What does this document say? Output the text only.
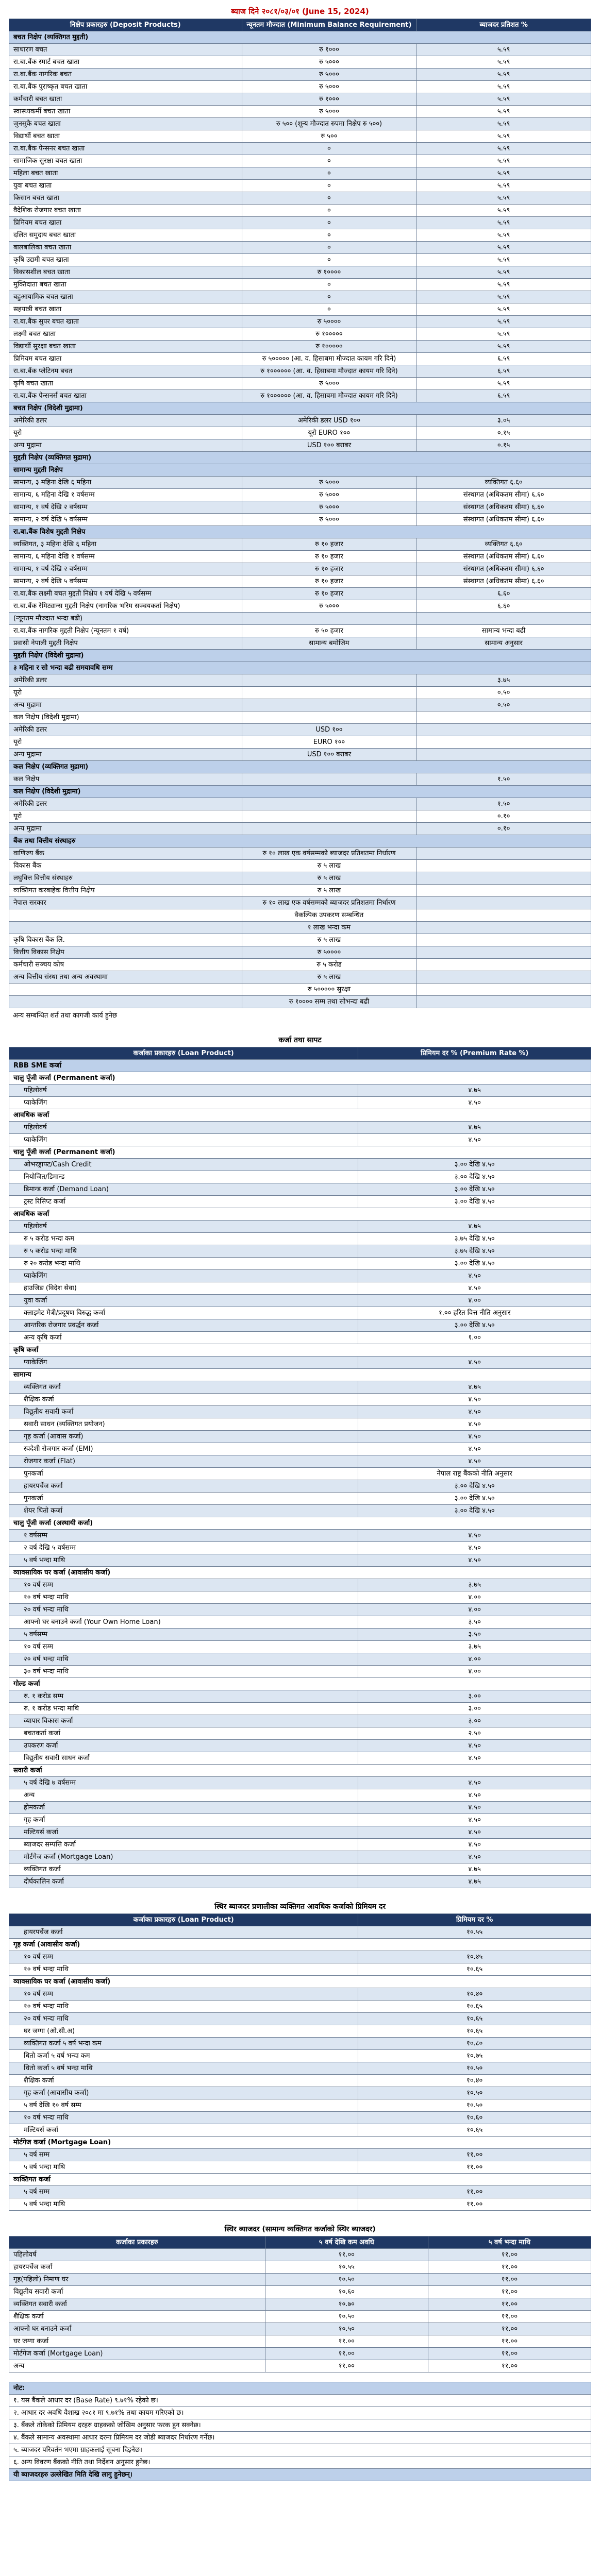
ब्याज दिने २०८१/०३/०१ (June 15, 2024)
निक्षेप प्रकारहरु (Deposit Products)	न्यूनतम मौज्दात (Minimum Balance Requirement)	ब्याजदर प्रतिशत %
बचत निक्षेप (व्यक्तिगत मुद्दती)		
साधारण बचत	रु १०००	५.५९
रा.बा.बैंक स्मार्ट बचत खाता	रु ५०००	५.५९
रा.बा.बैंक नागरिक बचत	रु ५०००	५.५९
रा.बा.बैंक पुराष्कृत बचत खाता	रु ५०००	५.५९
कर्मचारी बचत खाता	रु १०००	५.५९
स्वास्थ्यकर्मी बचत खाता	रु ५०००	५.५९
जुनसुकै बचत खाता	रु ५०० (शून्य मौज्दात रुपमा निक्षेप रु ५००)	५.५९
विद्यार्थी बचत खाता	रु ५००	५.५९
रा.बा.बैंक पेन्सनर बचत खाता	०	५.५९
सामाजिक सुरक्षा बचत खाता	०	५.५९
महिला बचत खाता	०	५.५९
युवा बचत खाता	०	५.५९
किसान बचत खाता	०	५.५९
वैदेशिक रोजगार बचत खाता	०	५.५९
प्रिमियम बचत खाता	०	५.५९
दलित समुदाय बचत खाता	०	५.५९
बालबालिका बचत खाता	०	५.५९
कृषि उद्यमी बचत खाता	०	५.५९
विकासशील बचत खाता	रु १००००	५.५९
मुक्तिदाता बचत खाता	०	५.५९
बहुआयामिक बचत खाता	०	५.५९
सहयात्री बचत खाता	०	५.५९
रा.बा.बैंक सुपर बचत खाता	रु ५००००	५.५९
लक्ष्मी बचत खाता	रु १०००००	५.५९
विद्यार्थी सुरक्षा बचत खाता	रु १०००००	५.५९
प्रिमियम बचत खाता	रु ५००००० (आ. व. हिसाबमा मौज्दात कायम गरि दिने)	६.५९
रा.बा.बैंक प्लेटिनम बचत	रु १०००००० (आ. व. हिसाबमा मौज्दात कायम गरि दिने)	६.५९
कृषि बचत खाता	रु ५०००	५.५९
रा.बा.बैंक पेन्सनर्स बचत खाता	रु १०००००० (आ. व. हिसाबमा मौज्दात कायम गरि दिने)	६.५९
बचत निक्षेप (विदेशी मुद्रामा)		
अमेरिकी डलर	अमेरिकी डलर USD १००	३.०५
यूरो	यूरो EURO १००	०.१५
अन्य मुद्रामा	USD १०० बराबर	०.१५
मुद्दती निक्षेप (व्यक्तिगत मुद्रामा)		
सामान्य मुद्दती निक्षेप		
सामान्य, ३ महिना देखि ६ महिना	रु ५०००	व्यक्तिगत ६.६०
सामान्य, ६ महिना देखि १ वर्षसम्म	रु ५०००	संस्थागत (अधिकतम सीमा) ६.६०
सामान्य, १ वर्ष देखि २ वर्षसम्म	रु ५०००	संस्थागत (अधिकतम सीमा) ६.६०
सामान्य, २ वर्ष देखि ५ वर्षसम्म	रु ५०००	संस्थागत (अधिकतम सीमा) ६.६०
रा.बा.बैंक विशेष मुद्दती निक्षेप		
व्यक्तिगत, ३ महिना देखि ६ महिना	रु १० हजार	व्यक्तिगत ६.६०
सामान्य, ६ महिना देखि १ वर्षसम्म	रु १० हजार	संस्थागत (अधिकतम सीमा) ६.६०
सामान्य, १ वर्ष देखि २ वर्षसम्म	रु १० हजार	संस्थागत (अधिकतम सीमा) ६.६०
सामान्य, २ वर्ष देखि ५ वर्षसम्म	रु १० हजार	संस्थागत (अधिकतम सीमा) ६.६०
रा.बा.बैंक लक्ष्मी बचत मुद्दती निक्षेप १ वर्ष देखि ५ वर्षसम्म	रु १० हजार	६.६०
रा.बा.बैंक रेमिट्यान्स मुद्दती निक्षेप (नागरिक भरिम सञ्चयकर्ता निक्षेप)	रु ५०००	६.६०
(न्यूनतम मौज्दात भन्दा बढी)		
रा.बा.बैंक नागरिक मुद्दती निक्षेप (न्यूनतम १ वर्ष)	रु ५० हजार	सामान्य भन्दा बढी
प्रवासी नेपाली मुद्दती निक्षेप	सामान्य बमोजिम	सामान्य अनुसार
मुद्दती निक्षेप (विदेशी मुद्रामा)		
३ महिना र सो भन्दा बढी समयावधि सम्म		
अमेरिकी डलर		३.७५
यूरो		०.५०
अन्य मुद्रामा		०.५०
कल निक्षेप (विदेशी मुद्रामा)		
अमेरिकी डलर	USD १००	
यूरो	EURO १००	
अन्य मुद्रामा	USD १०० बराबर	
कल निक्षेप (व्यक्तिगत मुद्रामा)		
कल निक्षेप		१.५०
कल निक्षेप (विदेशी मुद्रामा)		
अमेरिकी डलर		१.५०
यूरो		०.१०
अन्य मुद्रामा		०.१०
बैंक तथा वित्तीय संस्थाहरु		
वाणिज्य बैंक	रु १० लाख एक वर्षसम्मको ब्याजदर प्रतिशतमा निर्धारण	
विकास बैंक	रु ५ लाख	
लघुवित्त वित्तीय संस्थाहरु	रु ५ लाख	
व्यक्तिगत करबाहेक वित्तीय निक्षेप	रु ५ लाख	
नेपाल सरकार	रु १० लाख एक वर्षसम्मको ब्याजदर प्रतिशतमा निर्धारण	
	वैकल्पिक उपकरण सम्बन्धित	
	१ लाख भन्दा कम	
कृषि विकास बैंक लि.	रु ५ लाख	
वित्तीय विकास निक्षेप	रु ५००००	
कर्मचारी सञ्चय कोष	रु ५ करोड	
अन्य वित्तीय संस्था तथा अन्य अवस्थामा	रु ५ लाख	
	रु ५००००० सुरक्षा	
	रु १०००० सम्म तथा सोभन्दा बढी	
अन्य सम्बन्धित शर्त तथा कागजी कार्य हुनेछ
कर्जा तथा सापट
कर्जाका प्रकारहरु (Loan Product)	प्रिमियम दर % (Premium Rate %)
RBB SME कर्जा	
चालु पूँजी कर्जा (Permanent कर्जा)	
पहिलोवर्ष	४.७५
प्याकेजिंग	४.५०
आवधिक कर्जा	
पहिलोवर्ष	४.७५
प्याकेजिंग	४.५०
चालु पूँजी कर्जा (Permanent कर्जा)	
ओभरड्राफ्ट/Cash Credit	३.०० देखि ४.५०
नियोजित/डिमान्ड	३.०० देखि ४.५०
डिमान्ड कर्जा (Demand Loan)	३.०० देखि ४.५०
ट्रस्ट रिसिप्ट कर्जा	३.०० देखि ४.५०
आवधिक कर्जा	
पहिलोवर्ष	४.७५
रु ५ करोड भन्दा कम	३.७५ देखि ४.५०
रु ५ करोड भन्दा माथि	३.७५ देखि ४.५०
रु २० करोड भन्दा माथि	३.०० देखि ४.५०
प्याकेजिंग	४.५०
हाउजिङ (विदेश सेवा)	४.५०
युवा कर्जा	४.००
क्लाइमेट मैत्री/प्रदूषण विरुद्ध कर्जा	१.०० हरित वित्त नीति अनुसार
आन्तरिक रोजगार प्रवर्द्धन कर्जा	३.०० देखि ४.५०
अन्य कृषि कर्जा	१.००
कृषि कर्जा	
प्याकेजिंग	४.५०
सामान्य	
व्यक्तिगत कर्जा	४.७५
शैक्षिक कर्जा	४.५०
विद्युतीय सवारी कर्जा	४.५०
सवारी साधन (व्यक्तिगत प्रयोजन)	४.५०
गृह कर्जा (आवास कर्जा)	४.५०
स्वदेशी रोजगार कर्जा (EMI)	४.५०
रोजगार कर्जा (Flat)	४.५०
पुनकर्जा	नेपाल राष्ट्र बैंकको नीति अनुसार
हायरपर्चेज कर्जा	३.०० देखि ४.५०
पुनकर्जा	३.०० देखि ४.५०
शेयर धितो कर्जा	३.०० देखि ४.५०
चालु पूँजी कर्जा (अस्थायी कर्जा)	
१ वर्षसम्म	४.५०
२ वर्ष देखि ५ वर्षसम्म	४.५०
५ वर्ष भन्दा माथि	४.५०
व्यावसायिक घर कर्जा (आवासीय कर्जा)	
१० वर्ष सम्म	३.७५
१० वर्ष भन्दा माथि	४.००
२० वर्ष भन्दा माथि	४.००
आफ्नो घर बनाउने कर्जा (Your Own Home Loan)	३.५०
५ वर्षसम्म	३.५०
१० वर्ष सम्म	३.७५
२० वर्ष भन्दा माथि	४.००
३० वर्ष भन्दा माथि	४.००
गोल्ड कर्जा	
रु. १ करोड सम्म	३.००
रु. १ करोड भन्दा माथि	३.००
व्यापार विकास कर्जा	३.००
बचतकर्ता कर्जा	२.५०
उपकरण कर्जा	४.५०
विद्युतीय सवारी साधन कर्जा	४.५०
सवारी कर्जा	
५ वर्ष देखि ७ वर्षसम्म	४.५०
अन्य	४.५०
होमकर्जा	४.५०
गृह कर्जा	४.५०
मल्टियर्स कर्जा	४.५०
ब्याजदर सम्पत्ति कर्जा	४.५०
मोर्टगेज कर्जा (Mortgage Loan)	४.५०
व्यक्तिगत कर्जा	४.७५
दीर्घकालिन कर्जा	४.७५
स्थिर ब्याजदर प्रणालीका व्यक्तिगत आवधिक कर्जाको प्रिमियम दर
कर्जाका प्रकारहरु (Loan Product)	प्रिमियम दर %
हायरपर्चेज कर्जा	१०.५५
गृह कर्जा (आवासीय कर्जा)	
१० वर्ष सम्म	१०.४५
१० वर्ष भन्दा माथि	१०.६५
व्यावसायिक घर कर्जा (आवासीय कर्जा)	
१० वर्ष सम्म	१०.४०
१० वर्ष भन्दा माथि	१०.६५
२० वर्ष भन्दा माथि	१०.६५
घर जग्गा (ओ.सी.अ)	१०.६५
व्यक्तिगत कर्जा ५ वर्ष भन्दा कम	१०.८०
धितो कर्जा ५ वर्ष भन्दा कम	१०.७५
धितो कर्जा ५ वर्ष भन्दा माथि	१०.५०
शैक्षिक कर्जा	१०.४०
गृह कर्जा (आवासीय कर्जा)	१०.५०
५ वर्ष देखि १० वर्ष सम्म	१०.५०
१० वर्ष भन्दा माथि	१०.६०
मल्टियर्स कर्जा	१०.६५
मोर्टगेज कर्जा (Mortgage Loan)	
५ वर्ष सम्म	११.००
५ वर्ष भन्दा माथि	११.००
व्यक्तिगत कर्जा	
५ वर्ष सम्म	११.००
५ वर्ष भन्दा माथि	११.००
स्थिर ब्याजदर (सामान्य व्यक्तिगत कर्जाको स्थिर ब्याजदर)
कर्जाका प्रकारहरु	५ वर्ष देखि कम अवधि	५ वर्ष भन्दा माथि
पहिलोवर्ष	११.००	११.००
हायरपर्चेज कर्जा	१०.५५	११.००
गृह(पहिलो) निमाण घर	१०.५०	११.००
विद्युतीय सवारी कर्जा	१०.६०	११.००
व्यक्तिगत सवारी कर्जा	१०.७०	११.००
शैक्षिक कर्जा	१०.५०	११.००
आफ्नो घर बनाउने कर्जा	१०.५०	११.००
घर जग्गा कर्जा	११.००	११.००
मोर्टगेज कर्जा (Mortgage Loan)	११.००	११.००
अन्य	११.००	११.००
नोट:
१. यस बैंकले आधार दर (Base Rate) ९.७१% रहेको छ।
२. आधार दर अवधि वैशाख २०८१ मा ९.७१% तथा कायम गरिएको छ।
३. बैंकले तोकेको प्रिमियम दरहरु ग्राहकको जोखिम अनुसार फरक हुन सक्नेछ।
४. बैंकले सामान्य अवस्थामा आधार दरमा प्रिमियम दर जोडी ब्याजदर निर्धारण गर्नेछ।
५. ब्याजदर परिवर्तन भएमा ग्राहकलाई सूचना दिइनेछ।
६. अन्य विवरण बैंकको नीति तथा निर्देशन अनुसार हुनेछ।
यी ब्याजदरहरु उल्लेखित मिति देखि लागु हुनेछन्।
